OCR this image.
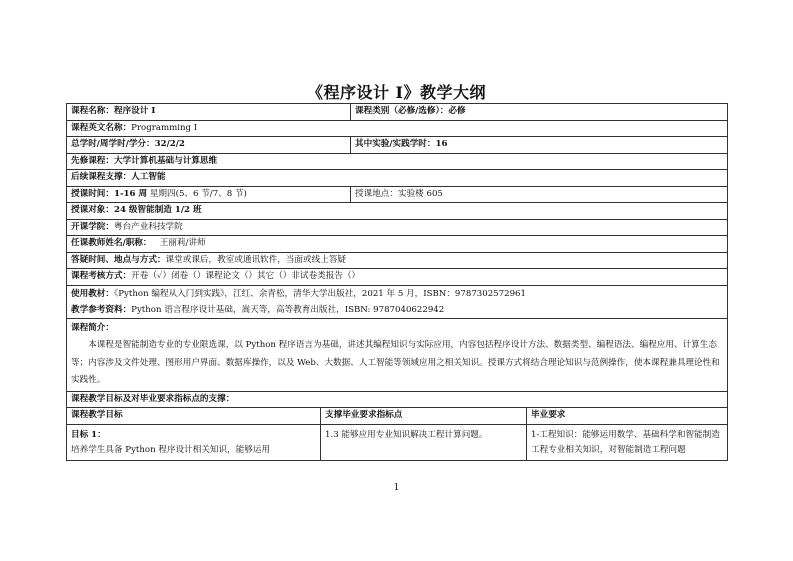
《程序设计 I》教学大纲
课程名称：程序设计 I		课程类别（必修/选修）：必修	
课程英文名称：Programming I			
总学时/周学时/学分：32/2/2		其中实验/实践学时：16	
先修课程：大学计算机基础与计算思维			
后续课程支撑：人工智能			
授课时间：1-16 周 星期四(5、6 节/7、8 节)		授课地点：实验楼 605	
授课对象：24 级智能制造 1/2 班			
开课学院：粤台产业科技学院			
任课教师姓名/职称： 王丽莉/讲师			
答疑时间、地点与方式：课堂或课后，教室或通讯软件，当面或线上答疑			
课程考核方式：开卷（✓）闭卷（）课程论文（）其它（）非试卷类报告（）			

使用教材：《Python 编程从入门到实践》，江红、余青松，清华大学出版社，2021 年 5 月，ISBN：9787302572961
教学参考资料：Python 语言程序设计基础，嵩天等，高等教育出版社，ISBN: 9787040622942			

课程简介：
本课程是智能制造专业的专业限选课，以 Python 程序语言为基础，讲述其编程知识与实际应用，内容包括程序设计方法、数据类型、编程语法、编程应用、计算生态等；内容涉及文件处理、图形用户界面、数据库操作，以及 Web、大数据、人工智能等领域应用之相关知识。授课方式将结合理论知识与范例操作，使本课程兼具理论性和实践性。			

课程教学目标及对毕业要求指标点的支撑：			
课程教学目标	支撑毕业要求指标点		毕业要求

目标 1：
培养学生具备 Python 程序设计相关知识，能够运用	1.3 能够应用专业知识解决工程计算问题。		1-工程知识：能够运用数学、基础科学和智能制造工程专业相关知识，对智能制造工程问题
1
